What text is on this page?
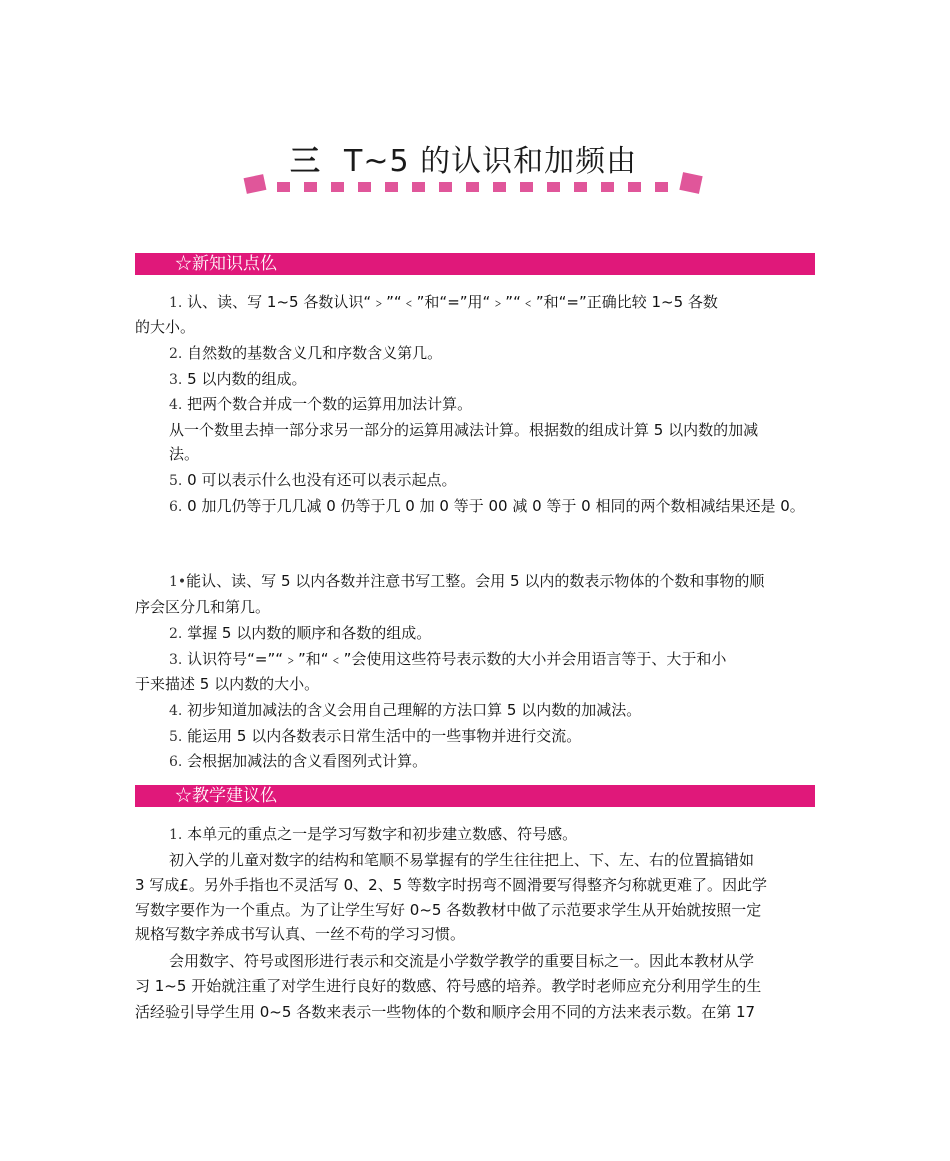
三 T~5 的认识和加频由
☆新知识点仫
1. 认、读、写 1~5 各数认识“﹥”“﹤”和“=”用“﹥”“﹤”和“=”正确比较 1~5 各数
的大小。
2. 自然数的基数含义几和序数含义第几。
3. 5 以内数的组成。
4. 把两个数合并成一个数的运算用加法计算。
从一个数里去掉一部分求另一部分的运算用减法计算。根据数的组成计算 5 以内数的加减
法。
5. 0 可以表示什么也没有还可以表示起点。
6. 0 加几仍等于几几减 0 仍等于几 0 加 0 等于 00 减 0 等于 0 相同的两个数相减结果还是 0。
1•能认、读、写 5 以内各数并注意书写工整。会用 5 以内的数表示物体的个数和事物的顺
序会区分几和第几。
2. 掌握 5 以内数的顺序和各数的组成。
3. 认识符号“=”“﹥”和“﹤”会使用这些符号表示数的大小并会用语言等于、大于和小
于来描述 5 以内数的大小。
4. 初步知道加减法的含义会用自己理解的方法口算 5 以内数的加减法。
5. 能运用 5 以内各数表示日常生活中的一些事物并进行交流。
6. 会根据加减法的含义看图列式计算。
☆教学建议仫
1. 本单元的重点之一是学习写数字和初步建立数感、符号感。
初入学的儿童对数字的结构和笔顺不易掌握有的学生往往把上、下、左、右的位置搞错如
3 写成£。另外手指也不灵活写 0、2、5 等数字时拐弯不圆滑要写得整齐匀称就更难了。因此学
写数字要作为一个重点。为了让学生写好 0~5 各数教材中做了示范要求学生从开始就按照一定
规格写数字养成书写认真、一丝不苟的学习习惯。
会用数字、符号或图形进行表示和交流是小学数学教学的重要目标之一。因此本教材从学
习 1~5 开始就注重了对学生进行良好的数感、符号感的培养。教学时老师应充分利用学生的生
活经验引导学生用 0~5 各数来表示一些物体的个数和顺序会用不同的方法来表示数。在第 17
